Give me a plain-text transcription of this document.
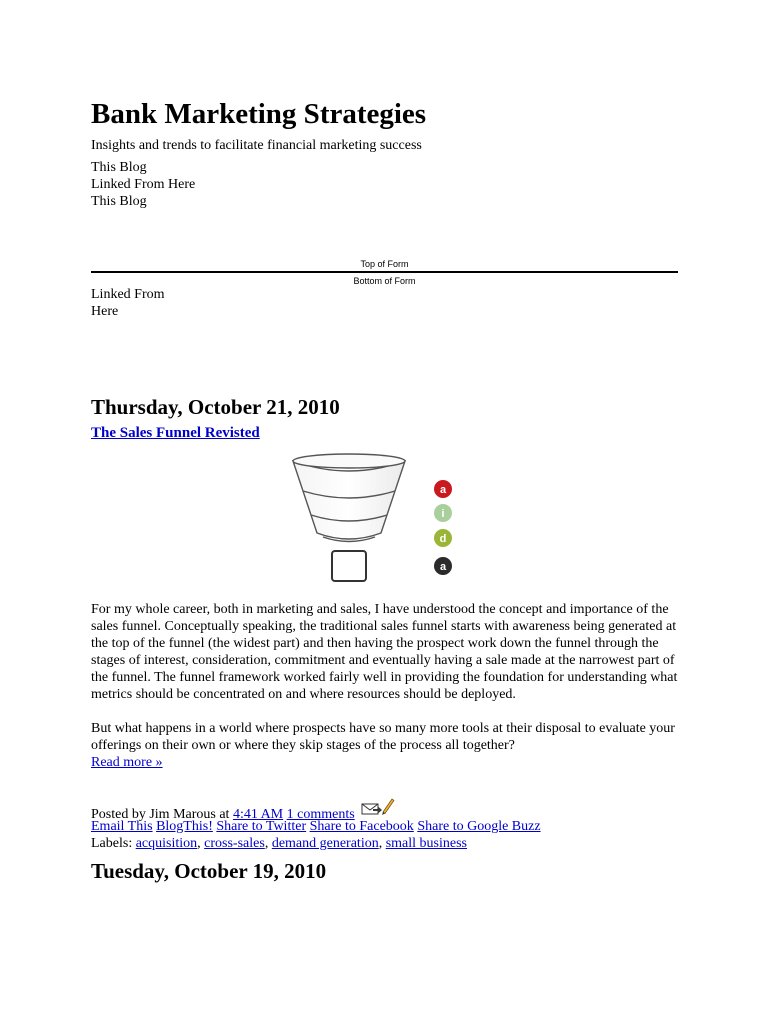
Bank Marketing Strategies
Insights and trends to facilitate financial marketing success
This Blog
Linked From Here
This Blog
Top of Form
Bottom of Form
Linked From
Here
Thursday, October 21, 2010
The Sales Funnel Revisted
a
i
d
a

For my whole career, both in marketing and sales, I have understood the concept and importance of the sales funnel. Conceptually speaking, the traditional sales funnel starts with awareness being generated at the top of the funnel (the widest part) and then having the prospect work down the funnel through the stages of interest, consideration, commitment and eventually having a sale made at the narrowest part of the funnel. The funnel framework worked fairly well in providing the foundation for understanding what metrics should be concentrated on and where resources should be deployed.

But what happens in a world where prospects have so many more tools at their disposal to evaluate your offerings on their own or where they skip stages of the process all together?
Read more »

Posted by Jim Marous at 4:41 AM 1 comments
Email This BlogThis! Share to Twitter Share to Facebook Share to Google Buzz
Labels: acquisition, cross-sales, demand generation, small business
Tuesday, October 19, 2010
